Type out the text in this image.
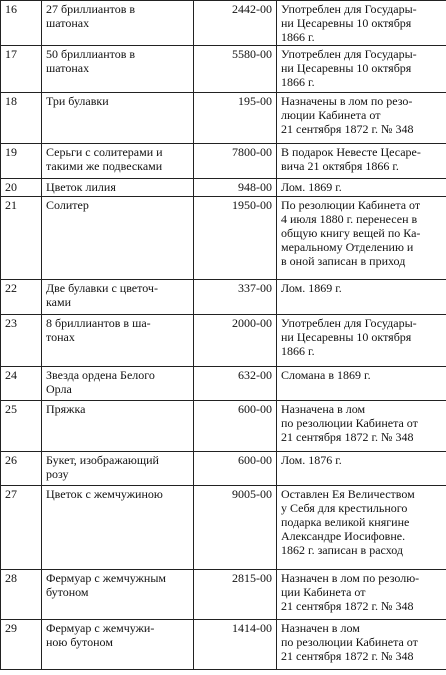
16	27 бриллиантов в
шатонах	2442-00	Употреблен для Государы-
ни Цесаревны 10 октября
1866 г.
17	50 бриллиантов в
шатонах	5580-00	Употреблен для Государы-
ни Цесаревны 10 октября
1866 г.
18	Три булавки	195-00	Назначены в лом по резо-
люции Кабинета от
21 сентября 1872 г. № 348
19	Серьги с солитерами и
такими же подвесками	7800-00	В подарок Невесте Цесаре-
вича 21 октября 1866 г.
20	Цветок лилия	948-00	Лом. 1869 г.
21	Солитер	1950-00	По резолюции Кабинета от
4 июля 1880 г. перенесен в
общую книгу вещей по Ка-
меральному Отделению и
в оной записан в приход
22	Две булавки с цветоч-
ками	337-00	Лом. 1869 г.
23	8 бриллиантов в ша-
тонах	2000-00	Употреблен для Государы-
ни Цесаревны 10 октября
1866 г.
24	Звезда ордена Белого
Орла	632-00	Сломана в 1869 г.
25	Пряжка	600-00	Назначена в лом
по резолюции Кабинета от
21 сентября 1872 г. № 348
26	Букет, изображающий
розу	600-00	Лом. 1876 г.
27	Цветок с жемчужиною	9005-00	Оставлен Ея Величеством
у Себя для крестильного
подарка великой княгине
Александре Иосифовне.
1862 г. записан в расход
28	Фермуар с жемчужным
бутоном	2815-00	Назначен в лом по резолю-
ции Кабинета от
21 сентября 1872 г. № 348
29	Фермуар с жемчужи-
ною бутоном	1414-00	Назначен в лом
по резолюции Кабинета от
21 сентября 1872 г. № 348
